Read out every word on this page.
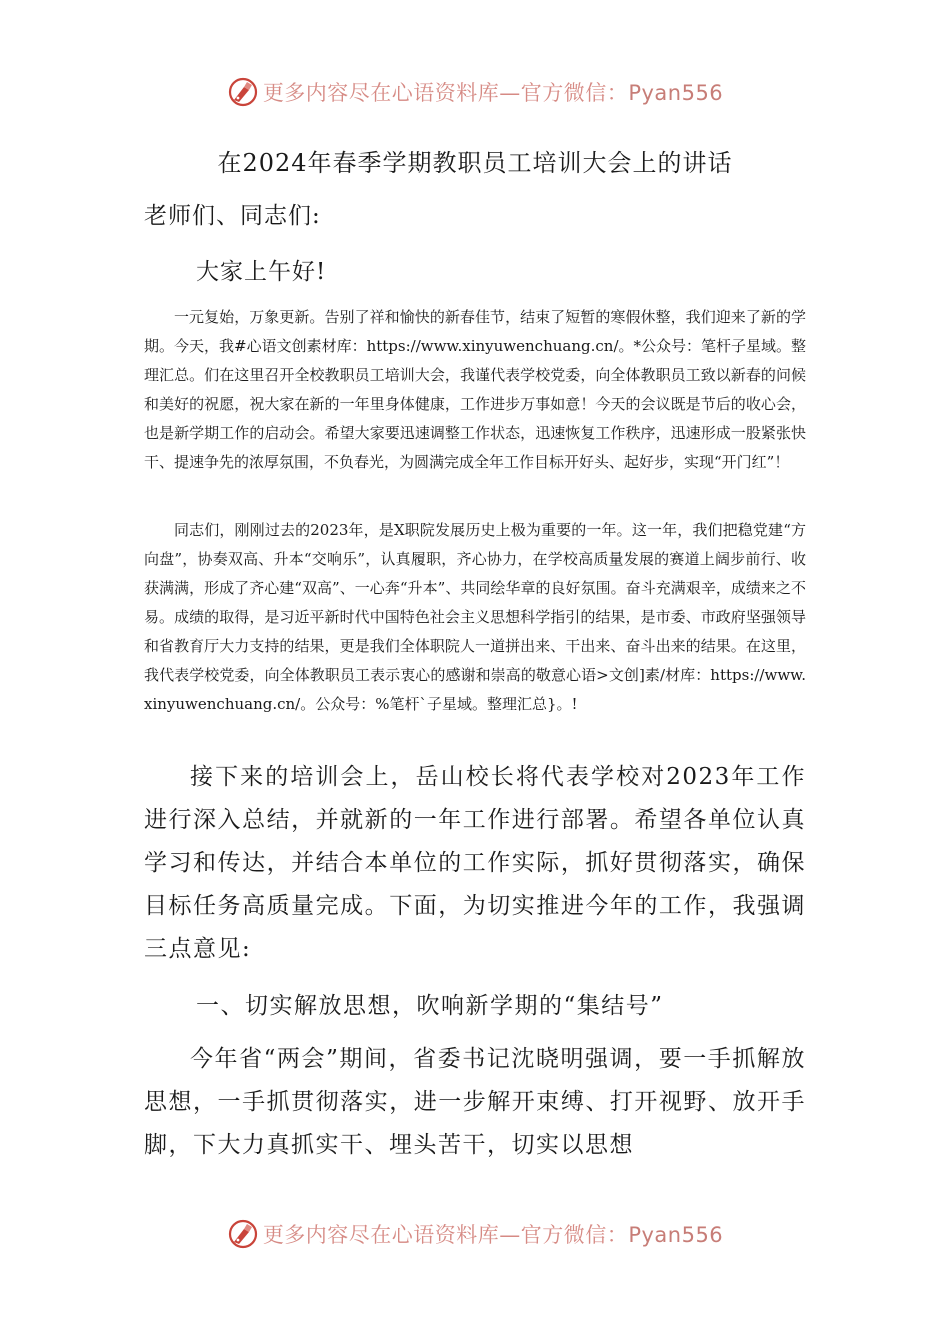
更多内容尽在心语资料库—官方微信：Pyan556
在2024年春季学期教职员工培训大会上的讲话
老师们、同志们:
大家上午好!
一元复始，万象更新。告别了祥和愉快的新春佳节，结束了短暂的寒假休整，我们迎来了新的学期。今天，我#心语文创素材库：https://www.xinyuwenchuang.cn/。*公众号：笔杆子星域。整理汇总。们在这里召开全校教职员工培训大会，我谨代表学校党委，向全体教职员工致以新春的问候和美好的祝愿，祝大家在新的一年里身体健康，工作进步万事如意！今天的会议既是节后的收心会，也是新学期工作的启动会。希望大家要迅速调整工作状态，迅速恢复工作秩序，迅速形成一股紧张快干、提速争先的浓厚氛围，不负春光，为圆满完成全年工作目标开好头、起好步，实现“开门红”！
同志们，刚刚过去的2023年，是X职院发展历史上极为重要的一年。这一年，我们把稳党建“方向盘”，协奏双高、升本“交响乐”，认真履职，齐心协力，在学校高质量发展的赛道上阔步前行、收获满满，形成了齐心建“双高”、一心奔“升本”、共同绘华章的良好氛围。奋斗充满艰辛，成绩来之不易。成绩的取得，是习近平新时代中国特色社会主义思想科学指引的结果，是市委、市政府坚强领导和省教育厅大力支持的结果，更是我们全体职院人一道拼出来、干出来、奋斗出来的结果。在这里，我代表学校党委，向全体教职员工表示衷心的感谢和崇高的敬意心语>文创]素/材库：https://www.xinyuwenchuang.cn/。公众号：%笔杆`子星域。整理汇总}。!
接下来的培训会上，岳山校长将代表学校对2023年工作进行深入总结，并就新的一年工作进行部署。希望各单位认真学习和传达，并结合本单位的工作实际，抓好贯彻落实，确保目标任务高质量完成。下面，为切实推进今年的工作，我强调三点意见:
一、切实解放思想，吹响新学期的“集结号”
今年省“两会”期间，省委书记沈晓明强调，要一手抓解放思想，一手抓贯彻落实，进一步解开束缚、打开视野、放开手脚，下大力真抓实干、埋头苦干，切实以思想
更多内容尽在心语资料库—官方微信：Pyan556
